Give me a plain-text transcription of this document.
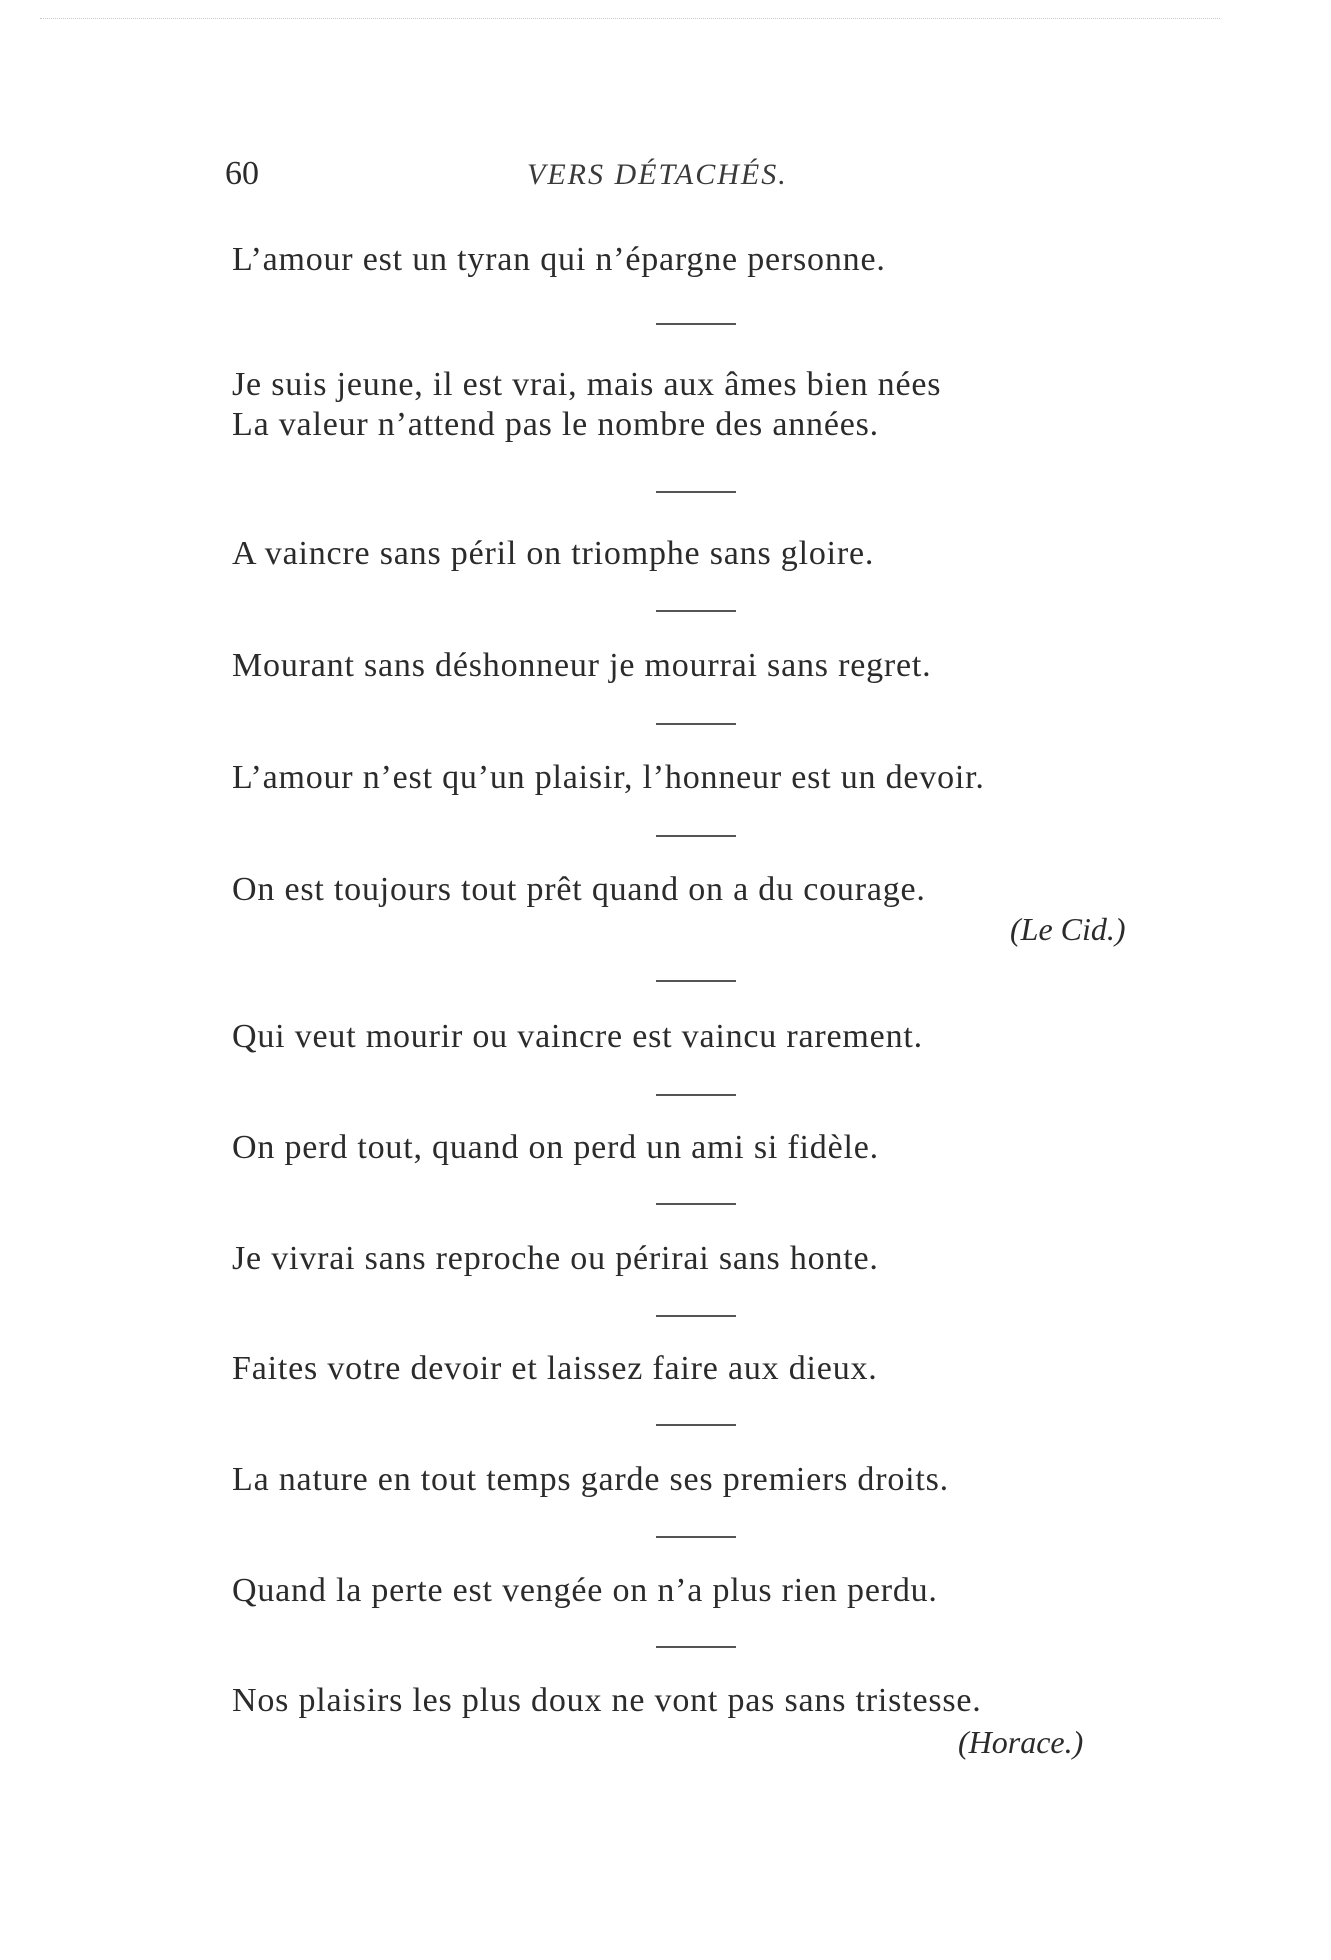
60	VERS DÉTACHÉS.
L’amour est un tyran qui n’épargne personne.
Je suis jeune, il est vrai, mais aux âmes bien nées
La valeur n’attend pas le nombre des années.
A vaincre sans péril on triomphe sans gloire.
Mourant sans déshonneur je mourrai sans regret.
L’amour n’est qu’un plaisir, l’honneur est un devoir.
On est toujours tout prêt quand on a du courage.
(Le Cid.)
Qui veut mourir ou vaincre est vaincu rarement.
On perd tout, quand on perd un ami si fidèle.
Je vivrai sans reproche ou périrai sans honte.
Faites votre devoir et laissez faire aux dieux.
La nature en tout temps garde ses premiers droits.
Quand la perte est vengée on n’a plus rien perdu.
Nos plaisirs les plus doux ne vont pas sans tristesse.
(Horace.)
